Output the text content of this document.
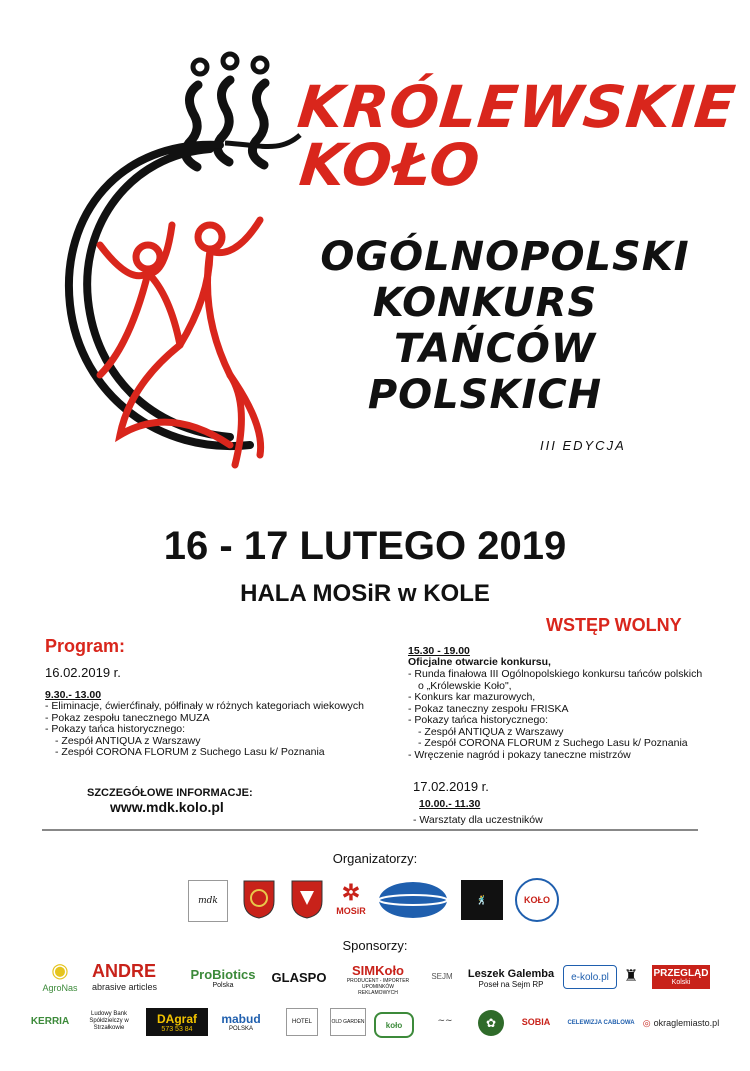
KRÓLEWSKIE
KOŁO
OGÓLNOPOLSKI
KONKURS
TAŃCÓW
POLSKICH
III EDYCJA
16 - 17 LUTEGO 2019
HALA MOSiR w KOLE
WSTĘP WOLNY
Program:
16.02.2019 r.
9.30.- 13.00
- Eliminacje, ćwierćfinały, półfinały w różnych kategoriach wiekowych
- Pokaz zespołu tanecznego MUZA
- Pokazy tańca historycznego:
- Zespół ANTIQUA z Warszawy
- Zespół CORONA FLORUM z Suchego Lasu k/ Poznania
15.30 - 19.00
Oficjalne otwarcie konkursu,
- Runda finałowa III Ogólnopolskiego konkursu tańców polskich
o „Królewskie Koło",
- Konkurs kar mazurowych,
- Pokaz taneczny zespołu FRISKA
- Pokazy tańca historycznego:
- Zespół ANTIQUA z Warszawy
- Zespół CORONA FLORUM z Suchego Lasu k/ Poznania
- Wręczenie nagród i pokazy taneczne mistrzów
17.02.2019 r.
10.00.- 11.30
- Warsztaty dla uczestników
SZCZEGÓŁOWE INFORMACJE:
www.mdk.kolo.pl
Organizatorzy:
mdk	✲
MOSiR
🕺	KOŁO
Sponsorzy:
◉
AgroNas
ANDRE
abrasive articles
ProBiotics
Polska
GLASPO	SIMKoło
PRODUCENT - IMPORTER UPOMINKÓW REKLAMOWYCH
SEJM	Leszek Galemba
Poseł na Sejm RP
e-kolo.pl ♜	PRZEGLĄD
Kolski
KERRIA
Ludowy Bank Spółdzielczy w Strzałkowie
DAgraf
573 53 84
mabud
POLSKA
HOTEL	OLD GARDEN	koło	~~	✿	SOBIA	CELEWIZJA CABLOWA ◎ okraglemiasto.pl
